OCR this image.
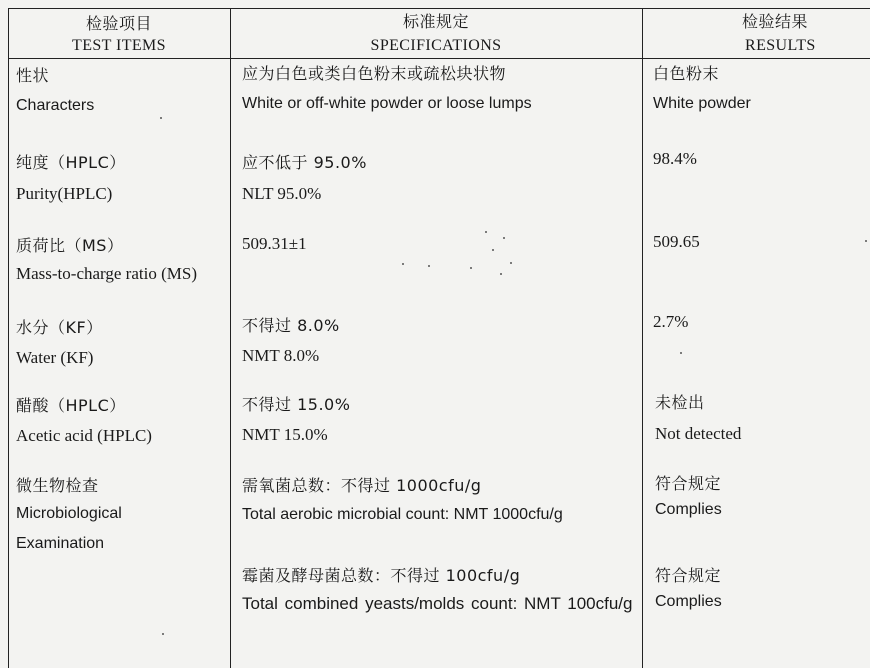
检验项目
TEST ITEMS
标准规定
SPECIFICATIONS
检验结果
RESULTS
性状
Characters
应为白色或类白色粉末或疏松块状物
White or off-white powder or loose lumps
白色粉末
White powder
纯度（HPLC）
Purity(HPLC)
应不低于 95.0%
NLT 95.0%
98.4%
质荷比（MS）
Mass-to-charge ratio (MS)
509.31±1	509.65
水分（KF）
Water (KF)
不得过 8.0%
NMT 8.0%
2.7%
醋酸（HPLC）
Acetic acid (HPLC)
不得过 15.0%
NMT 15.0%
未检出
Not detected
微生物检查
Microbiological
Examination
需氧菌总数：不得过 1000cfu/g
Total aerobic microbial count: NMT 1000cfu/g
符合规定
Complies
霉菌及酵母菌总数：不得过 100cfu/g
Total combined yeasts/molds count: NMT 100cfu/g
符合规定
Complies
